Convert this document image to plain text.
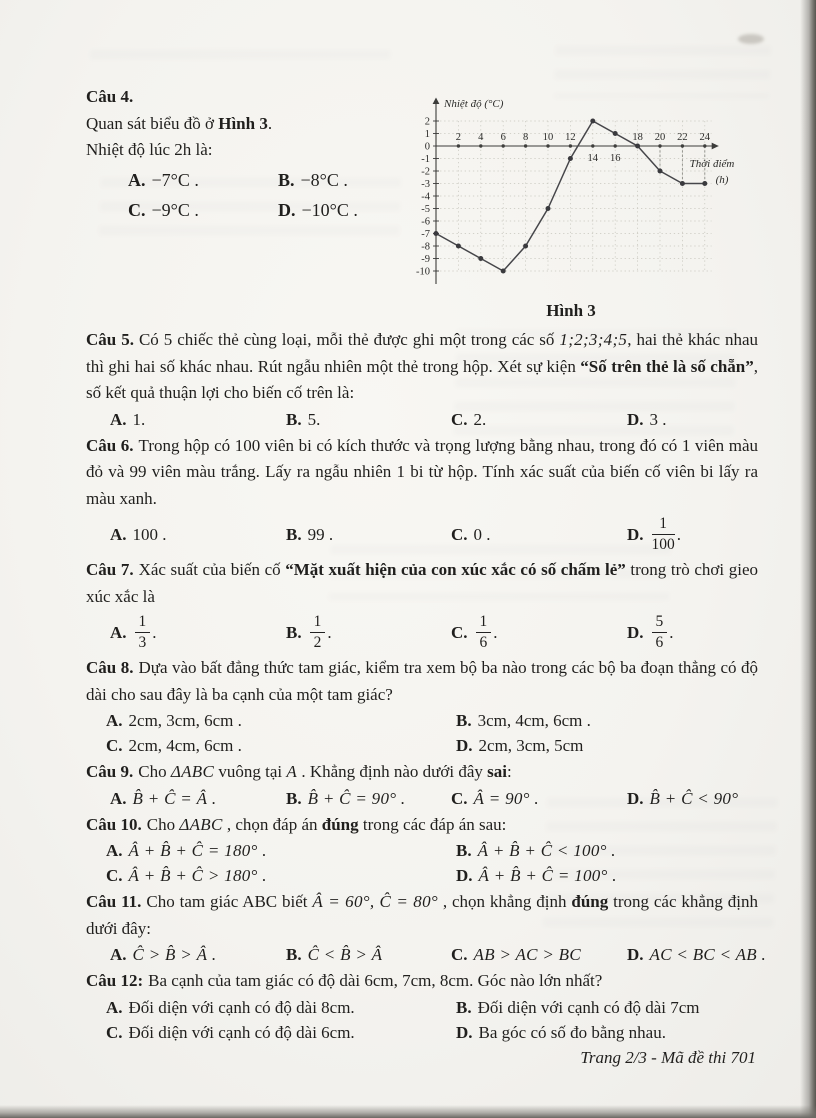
Câu 4.

Quan sát biểu đồ ở Hình 3.

Nhiệt độ lúc 2h là:

A. −7°C .	B. −8°C .
C. −9°C .	D. −10°C .
2
1
0
-1
-2
-3
-4
-5
-6
-7
-8
-9
-10
2 4 6 8 10 12
14 16
18 20 22 24
Nhiệt độ (°C)
Thời điểm
(h)
Hình 3

Câu 5. Có 5 chiếc thẻ cùng loại, mỗi thẻ được ghi một trong các số 1;2;3;4;5, hai thẻ khác nhau thì ghi hai số khác nhau. Rút ngẫu nhiên một thẻ trong hộp. Xét sự kiện “Số trên thẻ là số chẵn”, số kết quả thuận lợi cho biến cố trên là:

A. 1.	B. 5.	C. 2.	D. 3 .

Câu 6. Trong hộp có 100 viên bi có kích thước và trọng lượng bằng nhau, trong đó có 1 viên màu đỏ và 99 viên màu trắng. Lấy ra ngẫu nhiên 1 bi từ hộp. Tính xác suất của biến cố viên bi lấy ra màu xanh.

A. 100 .	B. 99 .	C. 0 .	D. $\frac{1}{100}$ .

Câu 7. Xác suất của biến cố “Mặt xuất hiện của con xúc xắc có số chấm lẻ” trong trò chơi gieo xúc xắc là

A. $\frac{1}{3}$ .	B. $\frac{1}{2}$ .	C. $\frac{1}{6}$ .	D. $\frac{5}{6}$ .

Câu 8. Dựa vào bất đẳng thức tam giác, kiểm tra xem bộ ba nào trong các bộ ba đoạn thẳng có độ dài cho sau đây là ba cạnh của một tam giác?

A. 2cm, 3cm, 6cm .	B. 3cm, 4cm, 6cm .
C. 2cm, 4cm, 6cm .	D. 2cm, 3cm, 5cm

Câu 9. Cho ΔABC vuông tại A . Khẳng định nào dưới đây sai:

A. B̂ + Ĉ = Â .	B. B̂ + Ĉ = 90° .	C. Â = 90° .	D. B̂ + Ĉ < 90°

Câu 10. Cho ΔABC , chọn đáp án đúng trong các đáp án sau:

A. Â + B̂ + Ĉ = 180° .	B. Â + B̂ + Ĉ < 100° .
C. Â + B̂ + Ĉ > 180° .	D. Â + B̂ + Ĉ = 100° .

Câu 11. Cho tam giác ABC biết Â = 60°, Ĉ = 80° , chọn khẳng định đúng trong các khẳng định dưới đây:

A. Ĉ > B̂ > Â .	B. Ĉ < B̂ > Â	C. AB > AC > BC	D. AC < BC < AB .

Câu 12: Ba cạnh của tam giác có độ dài 6cm, 7cm, 8cm. Góc nào lớn nhất?

A. Đối diện với cạnh có độ dài 8cm.	B. Đối diện với cạnh có độ dài 7cm
C. Đối diện với cạnh có độ dài 6cm.	D. Ba góc có số đo bằng nhau.
Trang 2/3 - Mã đề thi 701
